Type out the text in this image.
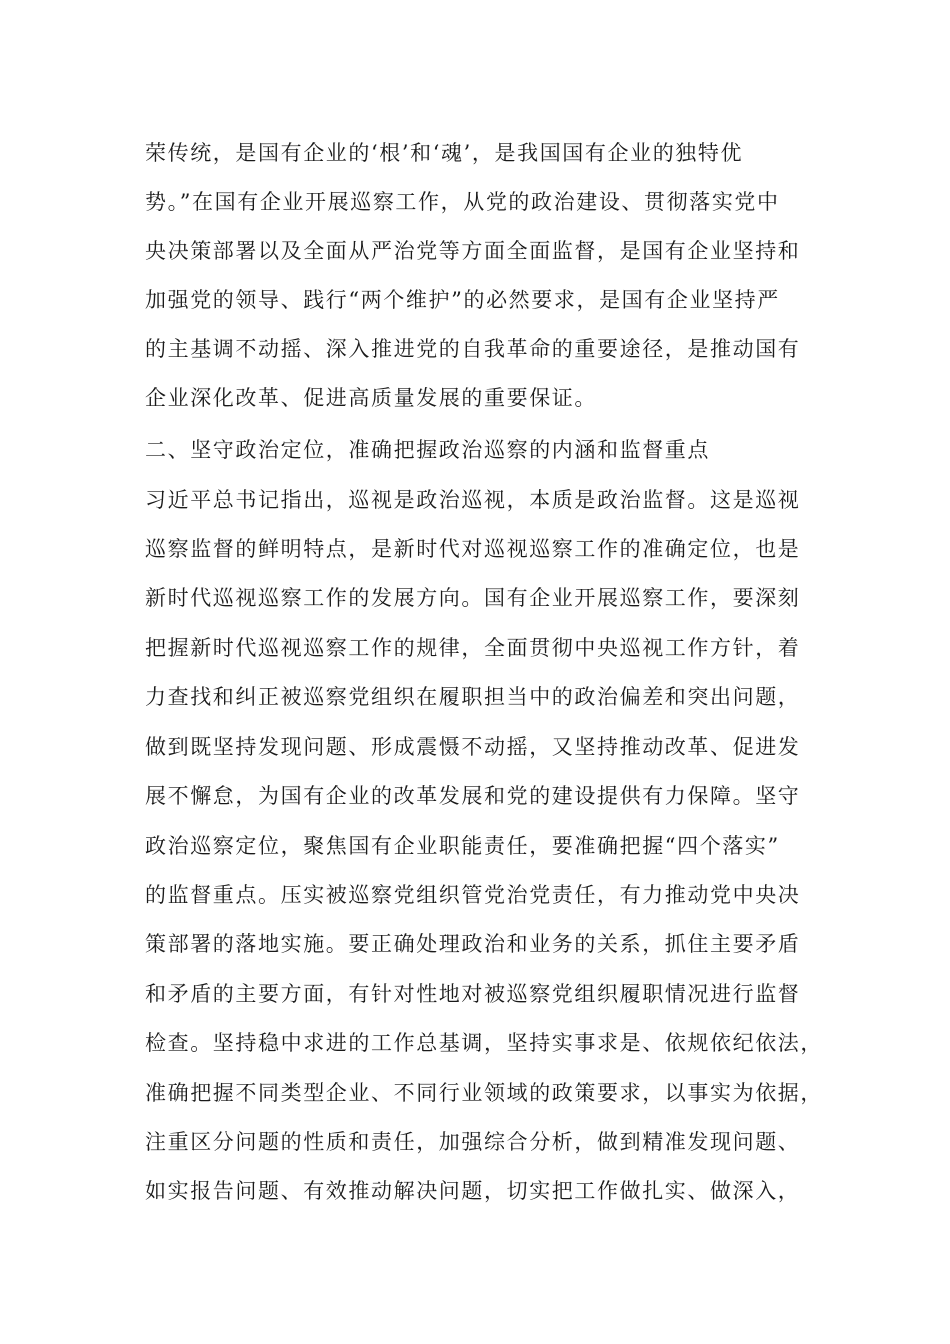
荣传统，是国有企业的‘根’和‘魂’，是我国国有企业的独特优
势。”在国有企业开展巡察工作，从党的政治建设、贯彻落实党中
央决策部署以及全面从严治党等方面全面监督，是国有企业坚持和
加强党的领导、践行“两个维护”的必然要求，是国有企业坚持严
的主基调不动摇、深入推进党的自我革命的重要途径，是推动国有
企业深化改革、促进高质量发展的重要保证。
二、坚守政治定位，准确把握政治巡察的内涵和监督重点
习近平总书记指出，巡视是政治巡视，本质是政治监督。这是巡视
巡察监督的鲜明特点，是新时代对巡视巡察工作的准确定位，也是
新时代巡视巡察工作的发展方向。国有企业开展巡察工作，要深刻
把握新时代巡视巡察工作的规律，全面贯彻中央巡视工作方针，着
力查找和纠正被巡察党组织在履职担当中的政治偏差和突出问题，
做到既坚持发现问题、形成震慑不动摇，又坚持推动改革、促进发
展不懈怠，为国有企业的改革发展和党的建设提供有力保障。坚守
政治巡察定位，聚焦国有企业职能责任，要准确把握“四个落实”
的监督重点。压实被巡察党组织管党治党责任，有力推动党中央决
策部署的落地实施。要正确处理政治和业务的关系，抓住主要矛盾
和矛盾的主要方面，有针对性地对被巡察党组织履职情况进行监督
检查。坚持稳中求进的工作总基调，坚持实事求是、依规依纪依法，
准确把握不同类型企业、不同行业领域的政策要求，以事实为依据，
注重区分问题的性质和责任，加强综合分析，做到精准发现问题、
如实报告问题、有效推动解决问题，切实把工作做扎实、做深入，
